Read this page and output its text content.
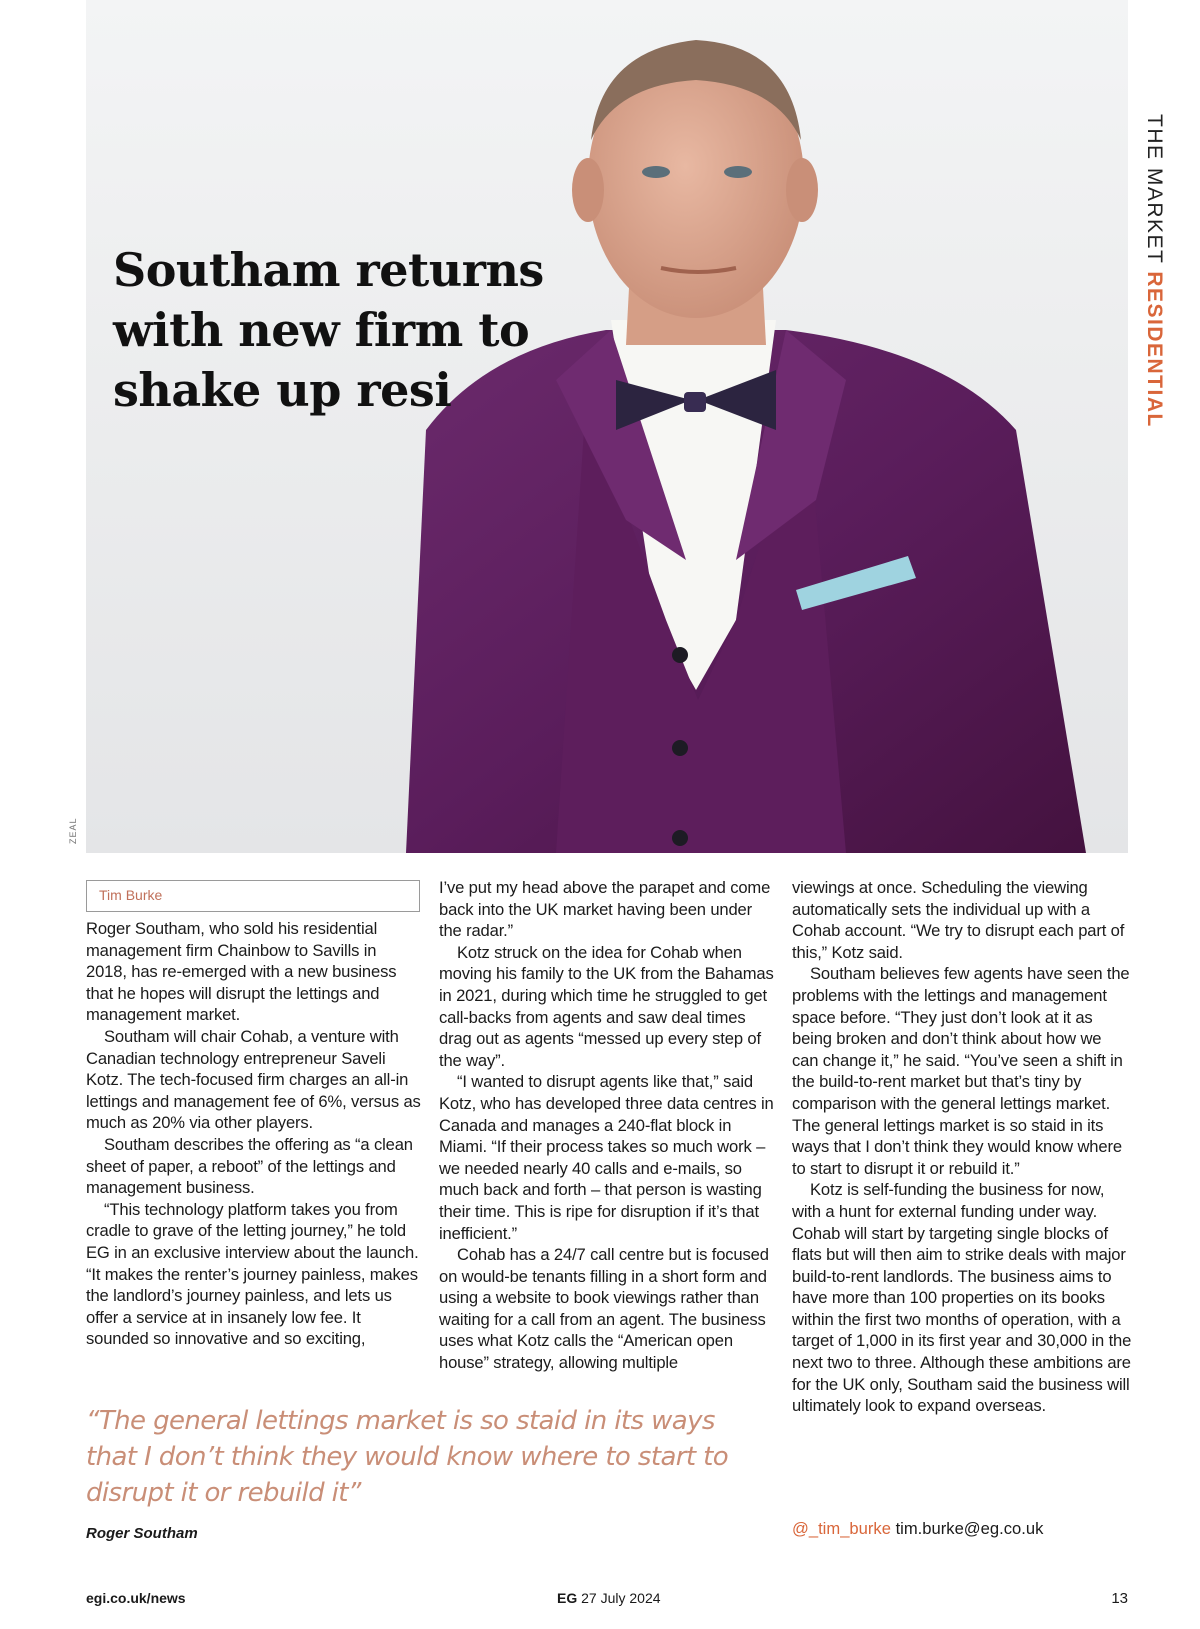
ZEAL
Southam returns with new firm to shake up resi
THE MARKET RESIDENTIAL
Tim Burke

Roger Southam, who sold his residential management firm Chainbow to Savills in 2018, has re-emerged with a new business that he hopes will disrupt the lettings and management market.

Southam will chair Cohab, a venture with Canadian technology entrepreneur Saveli Kotz. The tech-focused firm charges an all-in lettings and management fee of 6%, versus as much as 20% via other players.

Southam describes the offering as “a clean sheet of paper, a reboot” of the lettings and management business.

“This technology platform takes you from cradle to grave of the letting journey,” he told EG in an exclusive interview about the launch. “It makes the renter’s journey painless, makes the landlord’s journey painless, and lets us offer a service at in insanely low fee. It sounded so innovative and so exciting,

I’ve put my head above the parapet and come back into the UK market having been under the radar.”

Kotz struck on the idea for Cohab when moving his family to the UK from the Bahamas in 2021, during which time he struggled to get call-backs from agents and saw deal times drag out as agents “messed up every step of the way”.

“I wanted to disrupt agents like that,” said Kotz, who has developed three data centres in Canada and manages a 240-flat block in Miami. “If their process takes so much work – we needed nearly 40 calls and e-mails, so much back and forth – that person is wasting their time. This is ripe for disruption if it’s that inefficient.”

Cohab has a 24/7 call centre but is focused on would-be tenants filling in a short form and using a website to book viewings rather than waiting for a call from an agent. The business uses what Kotz calls the “American open house” strategy, allowing multiple

viewings at once. Scheduling the viewing automatically sets the individual up with a Cohab account. “We try to disrupt each part of this,” Kotz said.

Southam believes few agents have seen the problems with the lettings and management space before. “They just don’t look at it as being broken and don’t think about how we can change it,” he said. “You’ve seen a shift in the build-to-rent market but that’s tiny by comparison with the general lettings market. The general lettings market is so staid in its ways that I don’t think they would know where to start to disrupt it or rebuild it.”

Kotz is self-funding the business for now, with a hunt for external funding under way. Cohab will start by targeting single blocks of flats but will then aim to strike deals with major build-to-rent landlords. The business aims to have more than 100 properties on its books within the first two months of operation, with a target of 1,000 in its first year and 30,000 in the next two to three. Although these ambitions are for the UK only, Southam said the business will ultimately look to expand overseas.

“The general lettings market is so staid in its ways that I don’t think they would know where to start to disrupt it or rebuild it”

Roger Southam	@_tim_burke tim.burke@eg.co.uk
egi.co.uk/news	EG 27 July 2024	13
